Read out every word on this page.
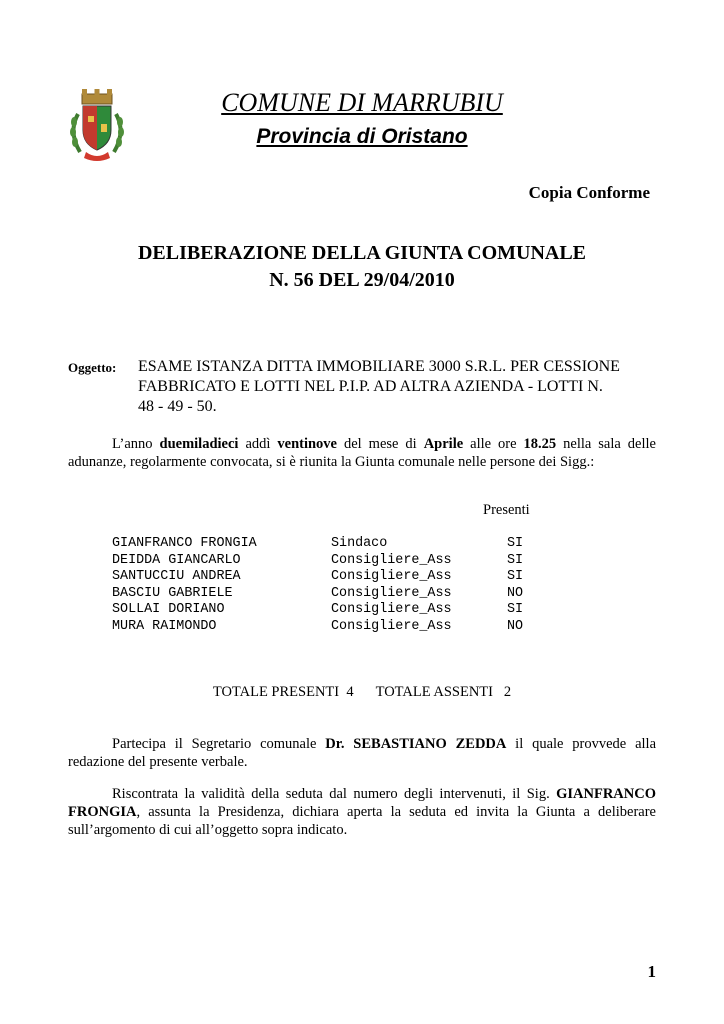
COMUNE DI MARRUBIU
Provincia di Oristano
Copia Conforme
DELIBERAZIONE DELLA GIUNTA COMUNALE
N. 56 DEL 29/04/2010
Oggetto: ESAME ISTANZA DITTA IMMOBILIARE 3000 S.R.L. PER CESSIONE
FABBRICATO E LOTTI NEL P.I.P. AD ALTRA AZIENDA - LOTTI N.
48 - 49 - 50.
L’anno duemiladieci addì ventinove del mese di Aprile alle ore 18.25 nella sala delle adunanze, regolarmente convocata, si è riunita la Giunta comunale nelle persone dei Sigg.:
Presenti
GIANFRANCO FRONGIA	Sindaco	SI
DEIDDA GIANCARLO	Consigliere_Ass	SI
SANTUCCIU ANDREA	Consigliere_Ass	SI
BASCIU GABRIELE	Consigliere_Ass	NO
SOLLAI DORIANO	Consigliere_Ass	SI
MURA RAIMONDO	Consigliere_Ass	NO
TOTALE PRESENTI  4 TOTALE ASSENTI   2
Partecipa il Segretario comunale Dr. SEBASTIANO ZEDDA il quale provvede alla redazione del presente verbale.
Riscontrata la validità della seduta dal numero degli intervenuti, il Sig. GIANFRANCO FRONGIA, assunta la Presidenza, dichiara aperta la seduta ed invita la Giunta a deliberare sull’argomento di cui all’oggetto sopra indicato.
1
